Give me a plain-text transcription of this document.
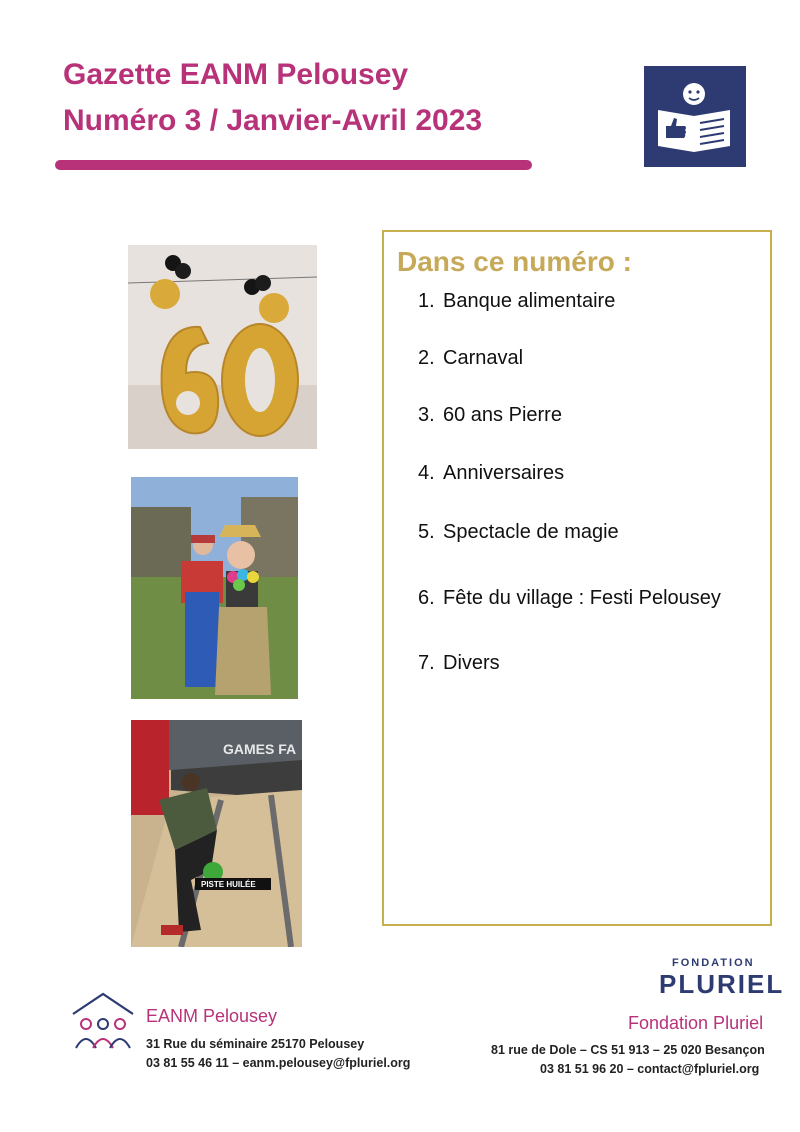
Gazette EANM Pelousey
Numéro 3 / Janvier-Avril 2023
GAMES FA
PISTE HUILÉE
Dans ce numéro :
1. Banque alimentaire
2. Carnaval
3. 60 ans Pierre
4. Anniversaires
5. Spectacle de magie
6. Fête du village : Festi Pelousey
7. Divers
EANM Pelousey
31 Rue du séminaire 25170 Pelousey
03 81 55 46 11 – eanm.pelousey@fpluriel.org
FONDATION
PLURIEL
Fondation Pluriel
81 rue de Dole – CS 51 913 – 25 020 Besançon
03 81 51 96 20 – contact@fpluriel.org
